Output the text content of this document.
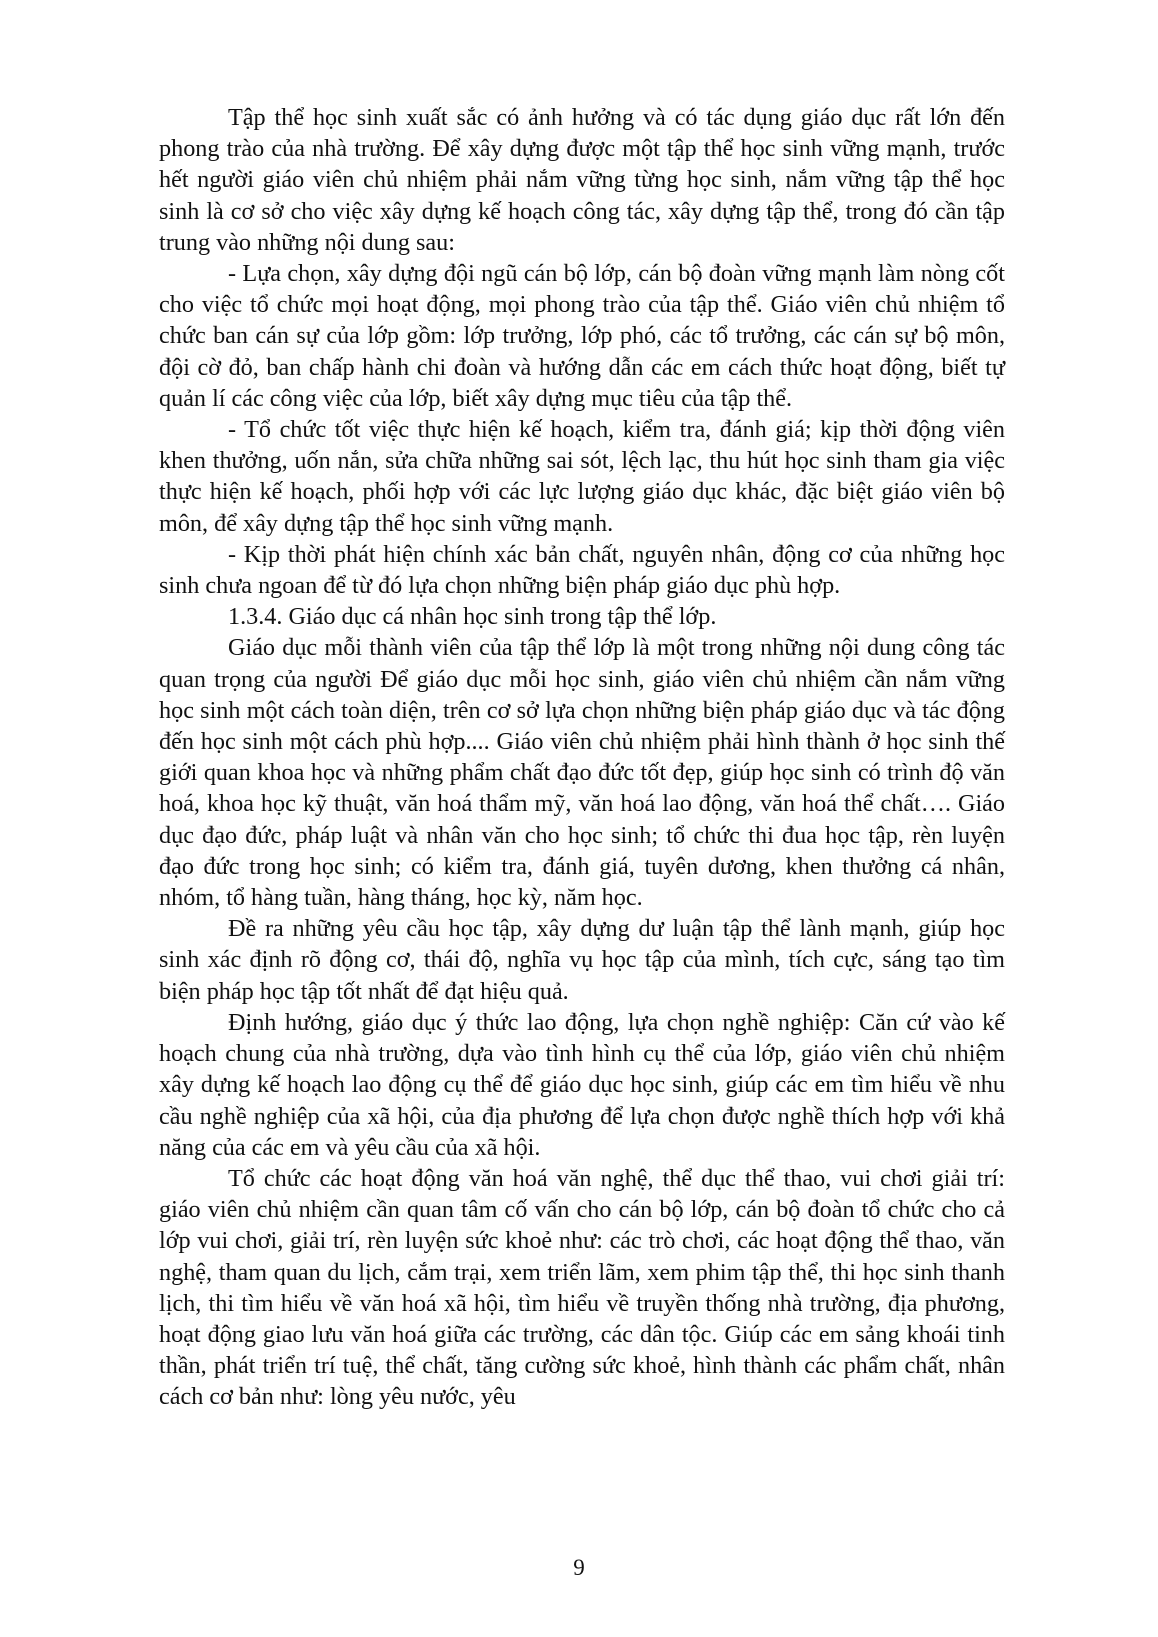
Tập thể học sinh xuất sắc có ảnh hưởng và có tác dụng giáo dục rất lớn đến phong trào của nhà trường. Để xây dựng được một tập thể học sinh vững mạnh, trước hết người giáo viên chủ nhiệm phải nắm vững từng học sinh, nắm vững tập thể học sinh là cơ sở cho việc xây dựng kế hoạch công tác, xây dựng tập thể, trong đó cần tập trung vào những nội dung sau:

- Lựa chọn, xây dựng đội ngũ cán bộ lớp, cán bộ đoàn vững mạnh làm nòng cốt cho việc tổ chức mọi hoạt động, mọi phong trào của tập thể. Giáo viên chủ nhiệm tổ chức ban cán sự của lớp gồm: lớp trưởng, lớp phó, các tổ trưởng, các cán sự bộ môn, đội cờ đỏ, ban chấp hành chi đoàn và hướng dẫn các em cách thức hoạt động, biết tự quản lí các công việc của lớp, biết xây dựng mục tiêu của tập thể.

- Tổ chức tốt việc thực hiện kế hoạch, kiểm tra, đánh giá; kịp thời động viên khen thưởng, uốn nắn, sửa chữa những sai sót, lệch lạc, thu hút học sinh tham gia việc thực hiện kế hoạch, phối hợp với các lực lượng giáo dục khác, đặc biệt giáo viên bộ môn, để xây dựng tập thể học sinh vững mạnh.

- Kịp thời phát hiện chính xác bản chất, nguyên nhân, động cơ của những học sinh chưa ngoan để từ đó lựa chọn những biện pháp giáo dục phù hợp.

1.3.4. Giáo dục cá nhân học sinh trong tập thể lớp.

Giáo dục mỗi thành viên của tập thể lớp là một trong những nội dung công tác quan trọng của người Để giáo dục mỗi học sinh, giáo viên chủ nhiệm cần nắm vững học sinh một cách toàn diện, trên cơ sở lựa chọn những biện pháp giáo dục và tác động đến học sinh một cách phù hợp.... Giáo viên chủ nhiệm phải hình thành ở học sinh thế giới quan khoa học và những phẩm chất đạo đức tốt đẹp, giúp học sinh có trình độ văn hoá, khoa học kỹ thuật, văn hoá thẩm mỹ, văn hoá lao động, văn hoá thể chất…. Giáo dục đạo đức, pháp luật và nhân văn cho học sinh; tổ chức thi đua học tập, rèn luyện đạo đức trong học sinh; có kiểm tra, đánh giá, tuyên dương, khen thưởng cá nhân, nhóm, tổ hàng tuần, hàng tháng, học kỳ, năm học.

Đề ra những yêu cầu học tập, xây dựng dư luận tập thể lành mạnh, giúp học sinh xác định rõ động cơ, thái độ, nghĩa vụ học tập của mình, tích cực, sáng tạo tìm biện pháp học tập tốt nhất để đạt hiệu quả.

Định hướng, giáo dục ý thức lao động, lựa chọn nghề nghiệp: Căn cứ vào kế hoạch chung của nhà trường, dựa vào tình hình cụ thể của lớp, giáo viên chủ nhiệm xây dựng kế hoạch lao động cụ thể để giáo dục học sinh, giúp các em tìm hiểu về nhu cầu nghề nghiệp của xã hội, của địa phương để lựa chọn được nghề thích hợp với khả năng của các em và yêu cầu của xã hội.

Tổ chức các hoạt động văn hoá văn nghệ, thể dục thể thao, vui chơi giải trí: giáo viên chủ nhiệm cần quan tâm cố vấn cho cán bộ lớp, cán bộ đoàn tổ chức cho cả lớp vui chơi, giải trí, rèn luyện sức khoẻ như: các trò chơi, các hoạt động thể thao, văn nghệ, tham quan du lịch, cắm trại, xem triển lãm, xem phim tập thể, thi học sinh thanh lịch, thi tìm hiểu về văn hoá xã hội, tìm hiểu về truyền thống nhà trường, địa phương, hoạt động giao lưu văn hoá giữa các trường, các dân tộc. Giúp các em sảng khoái tinh thần, phát triển trí tuệ, thể chất, tăng cường sức khoẻ, hình thành các phẩm chất, nhân cách cơ bản như: lòng yêu nước, yêu

9
